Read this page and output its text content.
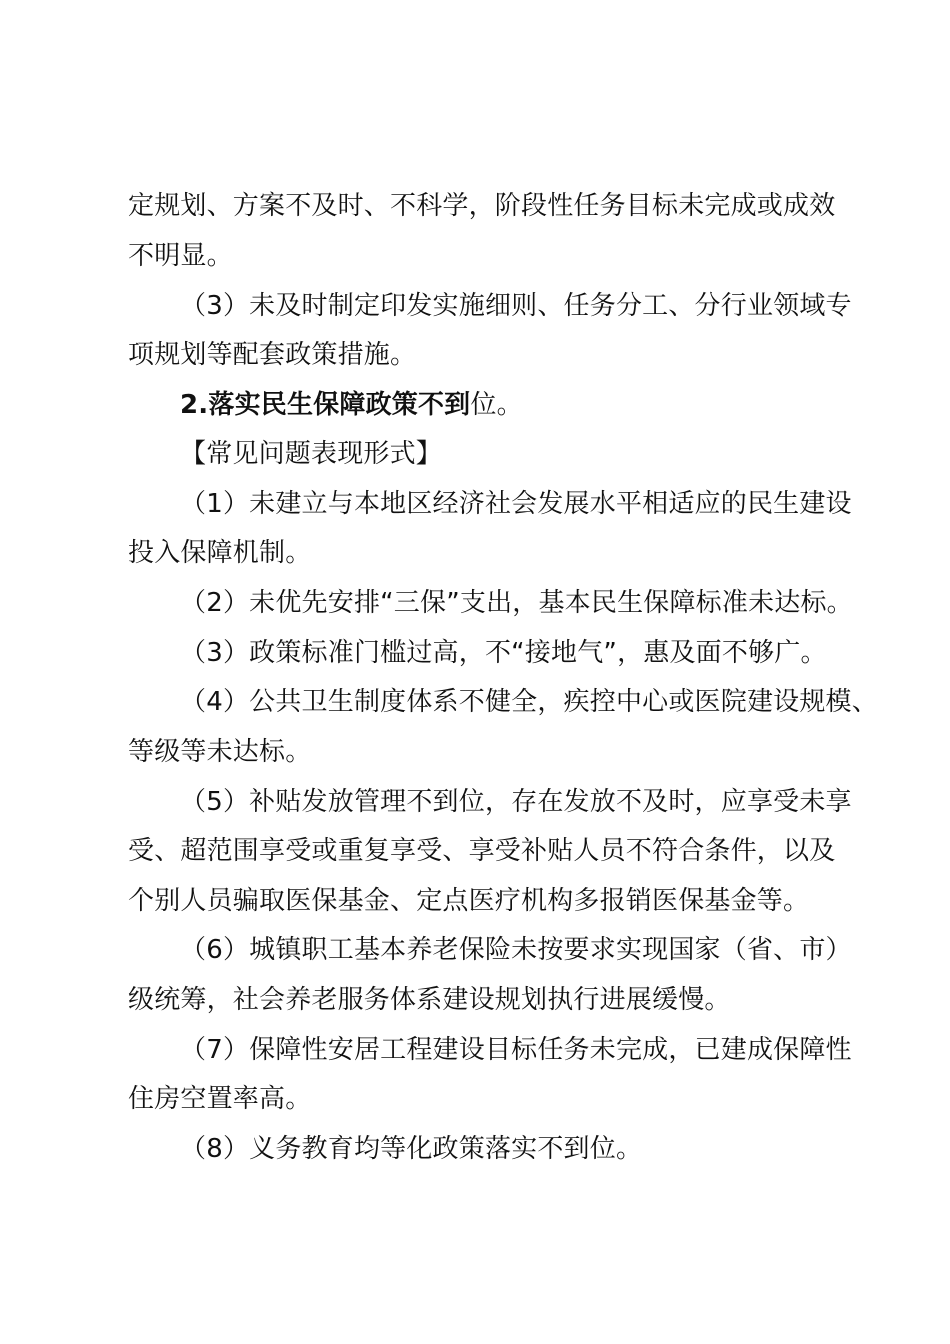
定规划、方案不及时、不科学，阶段性任务目标未完成或成效
不明显。
（3）未及时制定印发实施细则、任务分工、分行业领域专
项规划等配套政策措施。
2.落实民生保障政策不到位。
【常见问题表现形式】
（1）未建立与本地区经济社会发展水平相适应的民生建设
投入保障机制。
（2）未优先安排“三保”支出，基本民生保障标准未达标。
（3）政策标准门槛过高，不“接地气”，惠及面不够广。
（4）公共卫生制度体系不健全，疾控中心或医院建设规模、
等级等未达标。
（5）补贴发放管理不到位，存在发放不及时，应享受未享
受、超范围享受或重复享受、享受补贴人员不符合条件，以及
个别人员骗取医保基金、定点医疗机构多报销医保基金等。
（6）城镇职工基本养老保险未按要求实现国家（省、市）
级统筹，社会养老服务体系建设规划执行进展缓慢。
（7）保障性安居工程建设目标任务未完成，已建成保障性
住房空置率高。
（8）义务教育均等化政策落实不到位。
